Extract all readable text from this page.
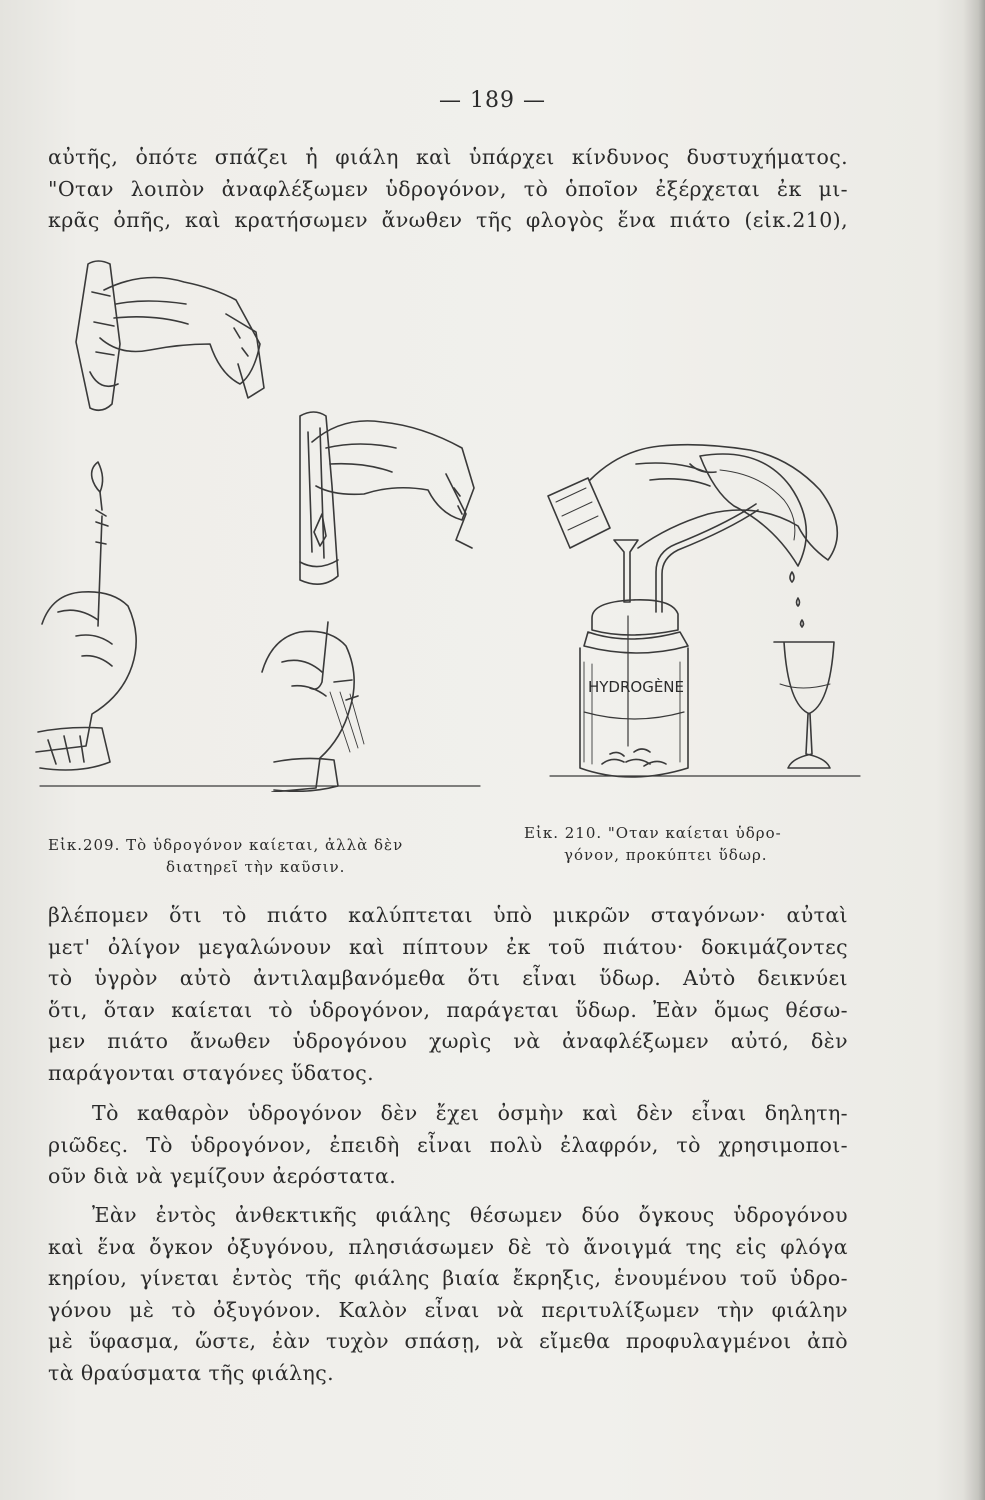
— 189 —

αὐτῆς, ὁπότε σπάζει ἡ φιάλη καὶ ὑπάρχει κίνδυνος δυστυχήματος.
"Οταν λοιπὸν ἀναφλέξωμεν ὑδρογόνον, τὸ ὁποῖον ἐξέρχεται ἐκ μι-
κρᾶς ὀπῆς, καὶ κρατήσωμεν ἄνωθεν τῆς φλογὸς ἕνα πιάτο (εἰκ.210),

HYDROGÈNE
Εἰκ.209. Τὸ ὑδρογόνον καίεται, ἀλλὰ δὲν
διατηρεῖ τὴν καῦσιν.
Εἰκ. 210. "Οταν καίεται ὑδρο-
γόνον, προκύπτει ὕδωρ.

βλέπομεν ὅτι τὸ πιάτο καλύπτεται ὑπὸ μικρῶν σταγόνων· αὐταὶ
μετ' ὀλίγον μεγαλώνουν καὶ πίπτουν ἐκ τοῦ πιάτου· δοκιμάζοντες
τὸ ὑγρὸν αὐτὸ ἀντιλαμβανόμεθα ὅτι εἶναι ὕδωρ. Αὐτὸ δεικνύει
ὅτι, ὅταν καίεται τὸ ὑδρογόνον, παράγεται ὕδωρ. Ἐὰν ὅμως θέσω-
μεν πιάτο ἄνωθεν ὑδρογόνου χωρὶς νὰ ἀναφλέξωμεν αὐτό, δὲν
παράγονται σταγόνες ὕδατος.

Τὸ καθαρὸν ὑδρογόνον δὲν ἔχει ὀσμὴν καὶ δὲν εἶναι δηλητη-
ριῶδες. Τὸ ὑδρογόνον, ἐπειδὴ εἶναι πολὺ ἐλαφρόν, τὸ χρησιμοποι-
οῦν διὰ νὰ γεμίζουν ἀερόστατα.

Ἐὰν ἐντὸς ἀνθεκτικῆς φιάλης θέσωμεν δύο ὄγκους ὑδρογόνου
καὶ ἕνα ὄγκον ὀξυγόνου, πλησιάσωμεν δὲ τὸ ἄνοιγμά της εἰς φλόγα
κηρίου, γίνεται ἐντὸς τῆς φιάλης βιαία ἔκρηξις, ἑνουμένου τοῦ ὑδρο-
γόνου μὲ τὸ ὀξυγόνον. Καλὸν εἶναι νὰ περιτυλίξωμεν τὴν φιάλην
μὲ ὕφασμα, ὥστε, ἐὰν τυχὸν σπάσῃ, νὰ εἴμεθα προφυλαγμένοι ἀπὸ
τὰ θραύσματα τῆς φιάλης.
